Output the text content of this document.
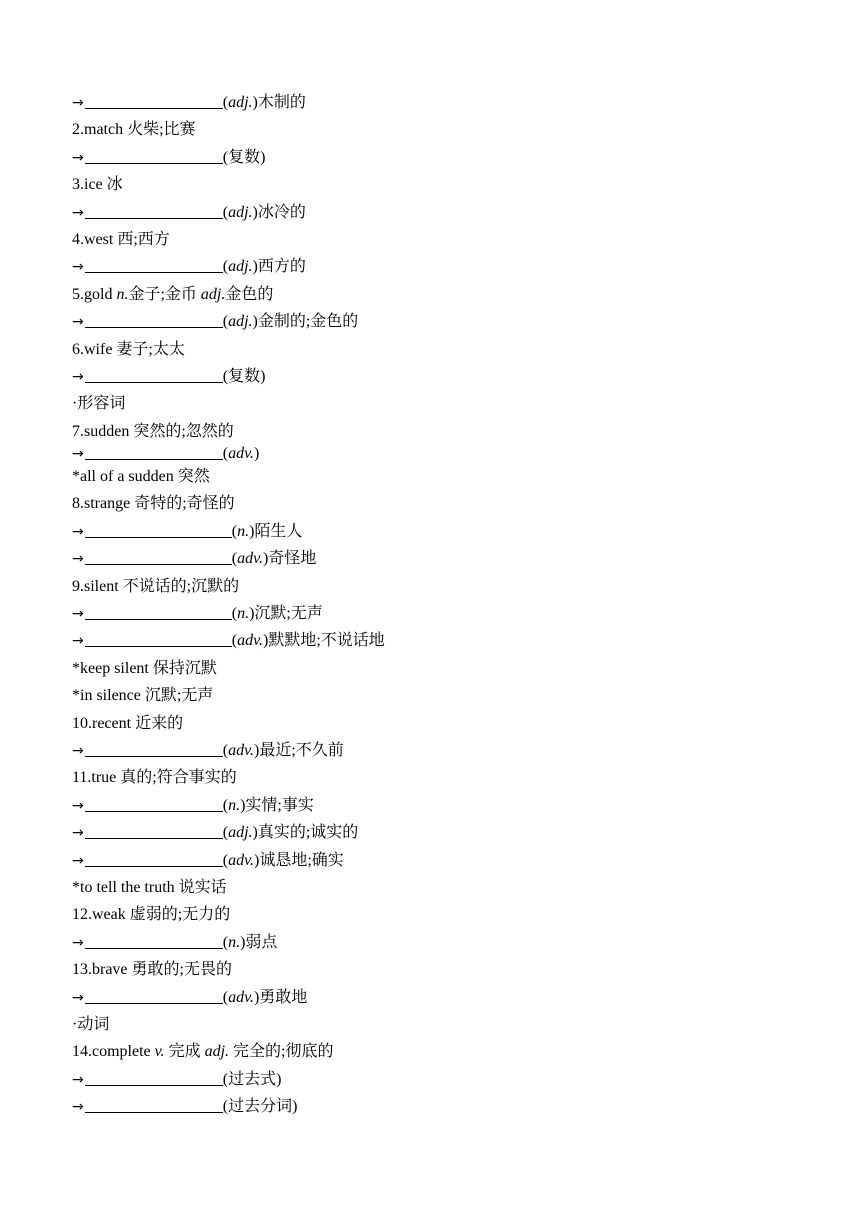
→	(adj.)木制的
2.match 火柴;比赛
→	(复数)
3.ice 冰
→	(adj.)冰冷的
4.west 西;西方
→	(adj.)西方的
5.gold n.金子;金币 adj.金色的
→	(adj.)金制的;金色的
6.wife 妻子;太太
→	(复数)
·形容词
7.sudden 突然的;忽然的
→	(adv.)
*all of a sudden 突然
8.strange 奇特的;奇怪的
→	(n.)陌生人
→	(adv.)奇怪地
9.silent 不说话的;沉默的
→	(n.)沉默;无声
→	(adv.)默默地;不说话地
*keep silent 保持沉默
*in silence 沉默;无声
10.recent 近来的
→	(adv.)最近;不久前
11.true 真的;符合事实的
→	(n.)实情;事实
→	(adj.)真实的;诚实的
→	(adv.)诚恳地;确实
*to tell the truth 说实话
12.weak 虚弱的;无力的
→	(n.)弱点
13.brave 勇敢的;无畏的
→	(adv.)勇敢地
·动词
14.complete v. 完成 adj. 完全的;彻底的
→	(过去式)
→	(过去分词)
